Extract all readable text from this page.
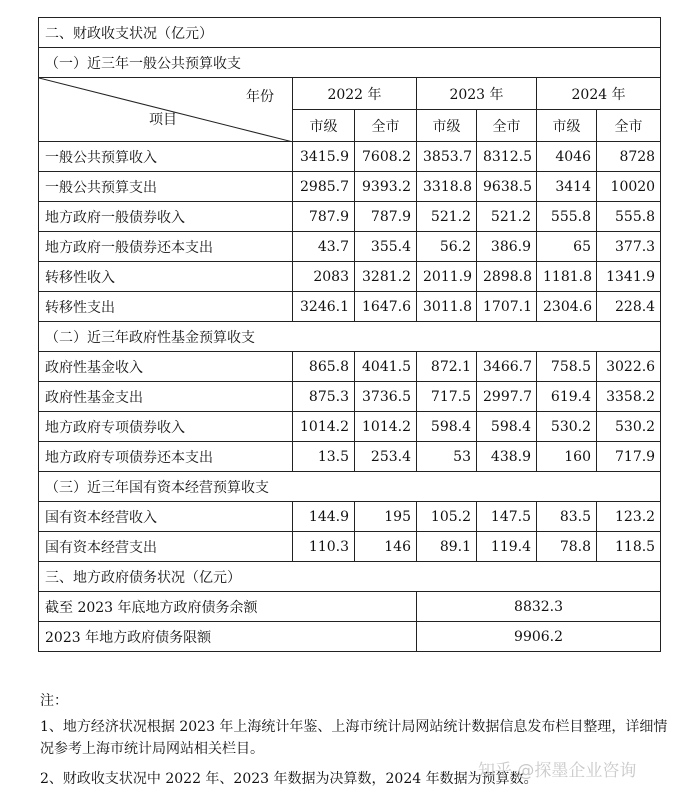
二、财政收支状况（亿元）						
（一）近三年一般公共预算收支						

年份
项目	2022 年		2023 年		2024 年	
	市级	全市	市级	全市	市级	全市
一般公共预算收入	3415.9	7608.2	3853.7	8312.5	4046	8728
一般公共预算支出	2985.7	9393.2	3318.8	9638.5	3414	10020
地方政府一般债券收入	787.9	787.9	521.2	521.2	555.8	555.8
地方政府一般债券还本支出	43.7	355.4	56.2	386.9	65	377.3
转移性收入	2083	3281.2	2011.9	2898.8	1181.8	1341.9
转移性支出	3246.1	1647.6	3011.8	1707.1	2304.6	228.4
（二）近三年政府性基金预算收支						
政府性基金收入	865.8	4041.5	872.1	3466.7	758.5	3022.6
政府性基金支出	875.3	3736.5	717.5	2997.7	619.4	3358.2
地方政府专项债券收入	1014.2	1014.2	598.4	598.4	530.2	530.2
地方政府专项债券还本支出	13.5	253.4	53	438.9	160	717.9
（三）近三年国有资本经营预算收支						
国有资本经营收入	144.9	195	105.2	147.5	83.5	123.2
国有资本经营支出	110.3	146	89.1	119.4	78.8	118.5
三、地方政府债务状况（亿元）						
截至 2023 年底地方政府债务余额			8832.3			
2023 年地方政府债务限额			9906.2			

注：

1、地方经济状况根据 2023 年上海统计年鉴、上海市统计局网站统计数据信息发布栏目整理，详细情况参考上海市统计局网站相关栏目。

2、财政收支状况中 2022 年、2023 年数据为决算数，2024 年数据为预算数。

知乎 @探墨企业咨询
